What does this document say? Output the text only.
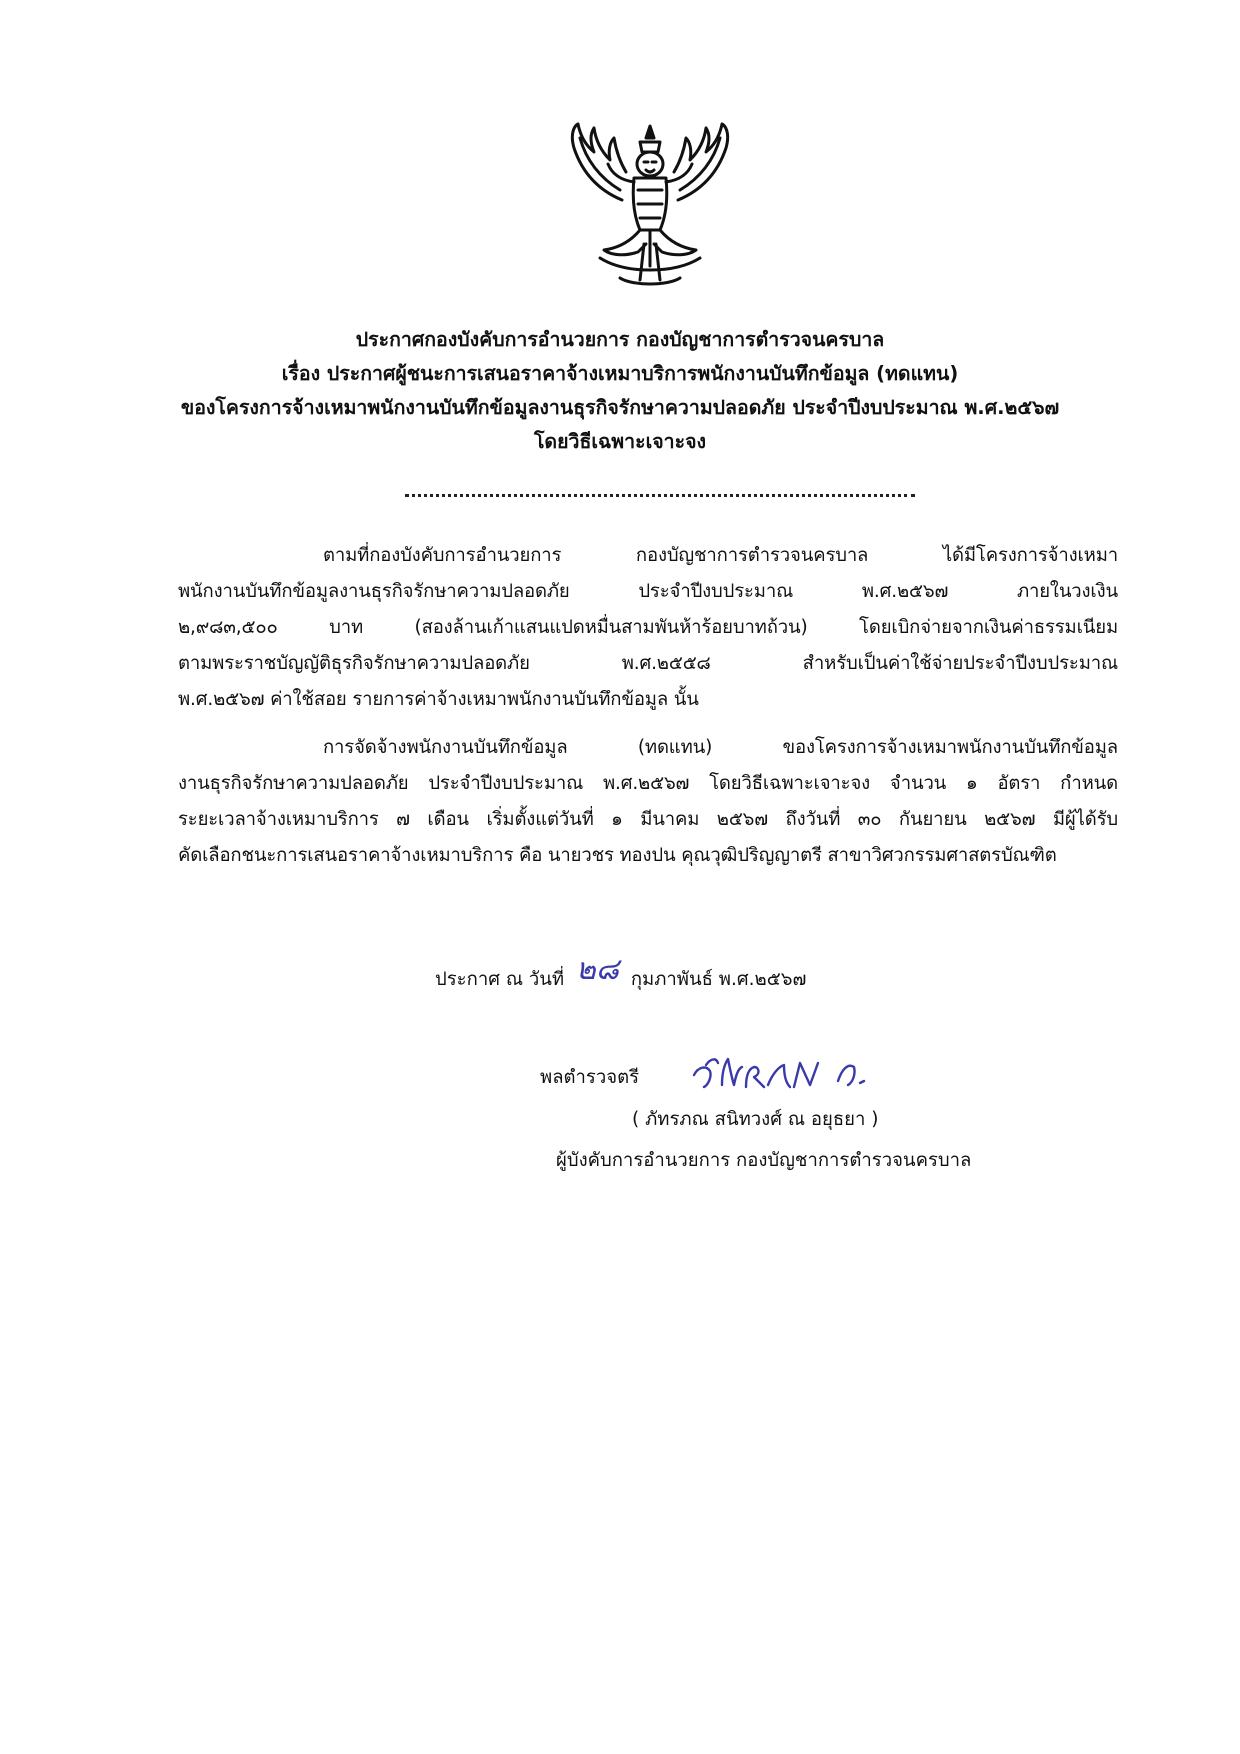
ประกาศกองบังคับการอำนวยการ กองบัญชาการตำรวจนครบาล
เรื่อง ประกาศผู้ชนะการเสนอราคาจ้างเหมาบริการพนักงานบันทึกข้อมูล (ทดแทน)
ของโครงการจ้างเหมาพนักงานบันทึกข้อมูลงานธุรกิจรักษาความปลอดภัย ประจำปีงบประมาณ พ.ศ.๒๕๖๗
โดยวิธีเฉพาะเจาะจง
ตามที่กองบังคับการอำนวยการ กองบัญชาการตำรวจนครบาล ได้มีโครงการจ้างเหมา
พนักงานบันทึกข้อมูลงานธุรกิจรักษาความปลอดภัย ประจำปีงบประมาณ พ.ศ.๒๕๖๗ ภายในวงเงิน
๒,๙๘๓,๕๐๐ บาท (สองล้านเก้าแสนแปดหมื่นสามพันห้าร้อยบาทถ้วน) โดยเบิกจ่ายจากเงินค่าธรรมเนียม
ตามพระราชบัญญัติธุรกิจรักษาความปลอดภัย พ.ศ.๒๕๕๘ สำหรับเป็นค่าใช้จ่ายประจำปีงบประมาณ
พ.ศ.๒๕๖๗ ค่าใช้สอย รายการค่าจ้างเหมาพนักงานบันทึกข้อมูล นั้น
การจัดจ้างพนักงานบันทึกข้อมูล (ทดแทน) ของโครงการจ้างเหมาพนักงานบันทึกข้อมูล
งานธุรกิจรักษาความปลอดภัย ประจำปีงบประมาณ พ.ศ.๒๕๖๗ โดยวิธีเฉพาะเจาะจง จำนวน ๑ อัตรา กำหนด
ระยะเวลาจ้างเหมาบริการ ๗ เดือน เริ่มตั้งแต่วันที่ ๑ มีนาคม ๒๕๖๗ ถึงวันที่ ๓๐ กันยายน ๒๕๖๗ มีผู้ได้รับ
คัดเลือกชนะการเสนอราคาจ้างเหมาบริการ คือ นายวชร ทองปน คุณวุฒิปริญญาตรี สาขาวิศวกรรมศาสตรบัณฑิต
ประกาศ ณ วันที่ ๒๘ กุมภาพันธ์ พ.ศ.๒๕๖๗
พลตำรวจตรี
( ภัทรภณ สนิทวงศ์ ณ อยุธยา )
ผู้บังคับการอำนวยการ กองบัญชาการตำรวจนครบาล
